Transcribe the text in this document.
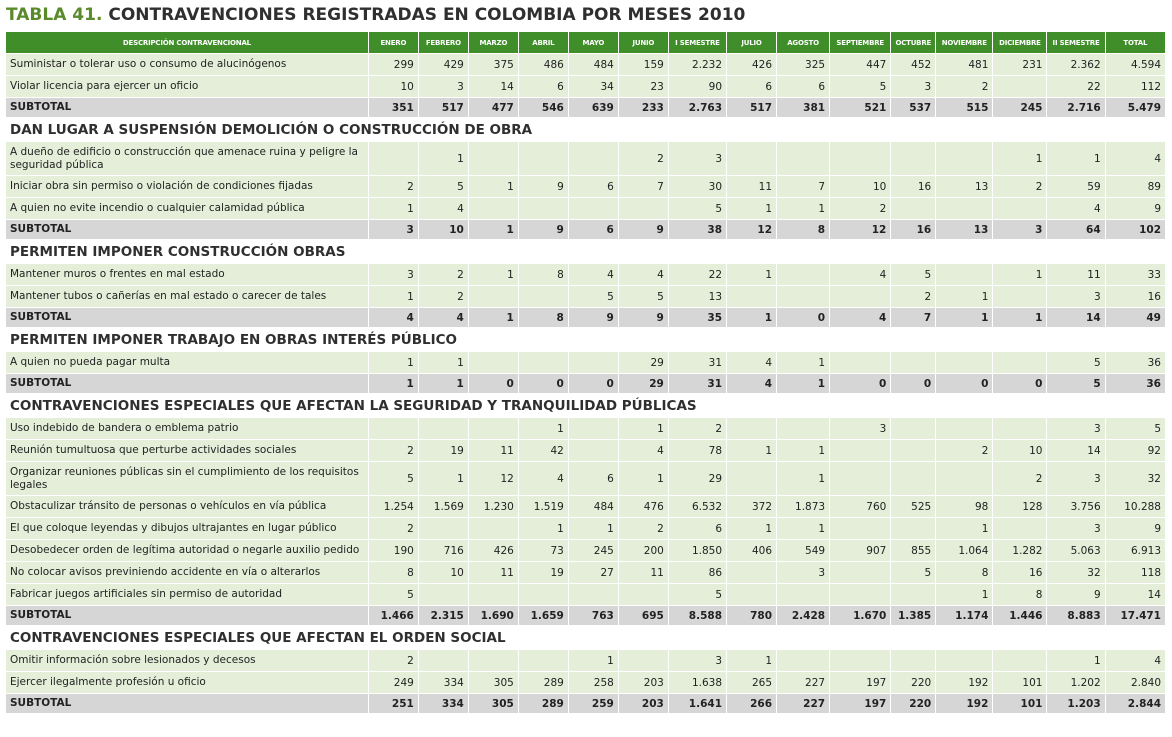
TABLA 41. CONTRAVENCIONES REGISTRADAS EN COLOMBIA POR MESES 2010
DESCRIPCIÓN CONTRAVENCIONAL	ENERO	FEBRERO	MARZO	ABRIL	MAYO	JUNIO	I SEMESTRE	JULIO	AGOSTO	SEPTIEMBRE	OCTUBRE	NOVIEMBRE	DICIEMBRE	II SEMESTRE	TOTAL
Suministar o tolerar uso o consumo de alucinógenos	299	429	375	486	484	159	2.232	426	325	447	452	481	231	2.362	4.594
Violar licencia para ejercer un oficio	10	3	14	6	34	23	90	6	6	5	3	2		22	112
SUBTOTAL	351	517	477	546	639	233	2.763	517	381	521	537	515	245	2.716	5.479
DAN LUGAR A SUSPENSIÓN DEMOLICIÓN O CONSTRUCCIÓN DE OBRA															
A dueño de edificio o construcción que amenace ruina y peligre la seguridad pública		1				2	3						1	1	4
Iniciar obra sin permiso o violación de condiciones fijadas	2	5	1	9	6	7	30	11	7	10	16	13	2	59	89
A quien no evite incendio o cualquier calamidad pública	1	4					5	1	1	2				4	9
SUBTOTAL	3	10	1	9	6	9	38	12	8	12	16	13	3	64	102
PERMITEN IMPONER CONSTRUCCIÓN OBRAS															
Mantener muros o frentes en mal estado	3	2	1	8	4	4	22	1		4	5		1	11	33
Mantener tubos o cañerías en mal estado o carecer de tales	1	2			5	5	13				2	1		3	16
SUBTOTAL	4	4	1	8	9	9	35	1	0	4	7	1	1	14	49
PERMITEN IMPONER TRABAJO EN OBRAS INTERÉS PÚBLICO															
A quien no pueda pagar multa	1	1				29	31	4	1					5	36
SUBTOTAL	1	1	0	0	0	29	31	4	1	0	0	0	0	5	36
CONTRAVENCIONES ESPECIALES QUE AFECTAN LA SEGURIDAD Y TRANQUILIDAD PÚBLICAS															
Uso indebido de bandera o emblema patrio				1		1	2			3				3	5
Reunión tumultuosa que perturbe actividades sociales	2	19	11	42		4	78	1	1			2	10	14	92
Organizar reuniones públicas sin el cumplimiento de los requisitos legales	5	1	12	4	6	1	29		1				2	3	32
Obstaculizar tránsito de personas o vehículos en vía pública	1.254	1.569	1.230	1.519	484	476	6.532	372	1.873	760	525	98	128	3.756	10.288
El que coloque leyendas y dibujos ultrajantes en lugar público	2			1	1	2	6	1	1			1		3	9
Desobedecer orden de legítima autoridad o negarle auxilio pedido	190	716	426	73	245	200	1.850	406	549	907	855	1.064	1.282	5.063	6.913
No colocar avisos previniendo accidente en vía o alterarlos	8	10	11	19	27	11	86		3		5	8	16	32	118
Fabricar juegos artificiales sin permiso de autoridad	5						5					1	8	9	14
SUBTOTAL	1.466	2.315	1.690	1.659	763	695	8.588	780	2.428	1.670	1.385	1.174	1.446	8.883	17.471
CONTRAVENCIONES ESPECIALES QUE AFECTAN EL ORDEN SOCIAL															
Omitir información sobre lesionados y decesos	2				1		3	1						1	4
Ejercer ilegalmente profesión u oficio	249	334	305	289	258	203	1.638	265	227	197	220	192	101	1.202	2.840
SUBTOTAL	251	334	305	289	259	203	1.641	266	227	197	220	192	101	1.203	2.844
